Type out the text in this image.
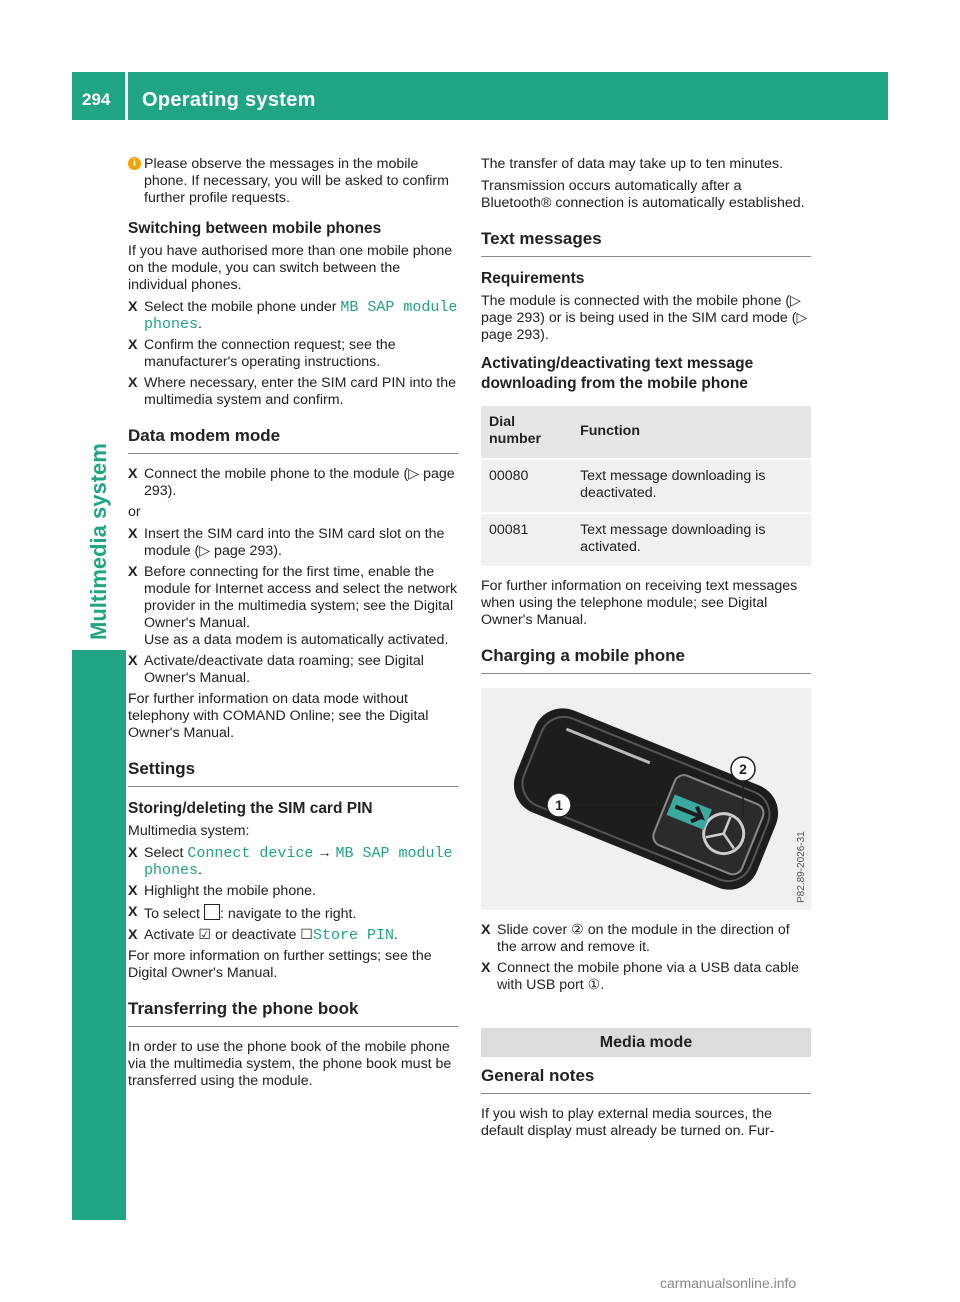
294	Operating system
Multimedia system
i Please observe the messages in the mobile phone. If necessary, you will be asked to confirm further profile requests.
Switching between mobile phones

If you have authorised more than one mobile phone on the module, you can switch between the individual phones.

X Select the mobile phone under MB SAP module phones.
X Confirm the connection request; see the manufacturer's operating instructions.
X Where necessary, enter the SIM card PIN into the multimedia system and confirm.
Data modem mode
X Connect the mobile phone to the module (▷ page 293).

or

X Insert the SIM card into the SIM card slot on the module (▷ page 293).
X Before connecting for the first time, enable the module for Internet access and select the network provider in the multimedia system; see the Digital Owner's Manual.
Use as a data modem is automatically activated.
X Activate/deactivate data roaming; see Digital Owner's Manual.

For further information on data mode without telephony with COMAND Online; see the Digital Owner's Manual.

Settings
Storing/deleting the SIM card PIN

Multimedia system:

X Select Connect device → MB SAP module phones.
X Highlight the mobile phone.
X To select : navigate to the right.
X Activate ☑ or deactivate ☐Store PIN.

For more information on further settings; see the Digital Owner's Manual.

Transferring the phone book

In order to use the phone book of the mobile phone via the multimedia system, the phone book must be transferred using the module.

The transfer of data may take up to ten minutes.

Transmission occurs automatically after a Bluetooth® connection is automatically established.

Text messages
Requirements

The module is connected with the mobile phone (▷ page 293) or is being used in the SIM card mode (▷ page 293).

Activating/deactivating text message downloading from the mobile phone
Dial number	Function
00080	Text message downloading is deactivated.
00081	Text message downloading is activated.

For further information on receiving text messages when using the telephone module; see Digital Owner's Manual.

Charging a mobile phone
1
2
P82.89-2026-31
X Slide cover ② on the module in the direction of the arrow and remove it.
X Connect the mobile phone via a USB data cable with USB port ①.
Media mode
General notes

If you wish to play external media sources, the default display must already be turned on. Fur-

carmanualsonline.info
